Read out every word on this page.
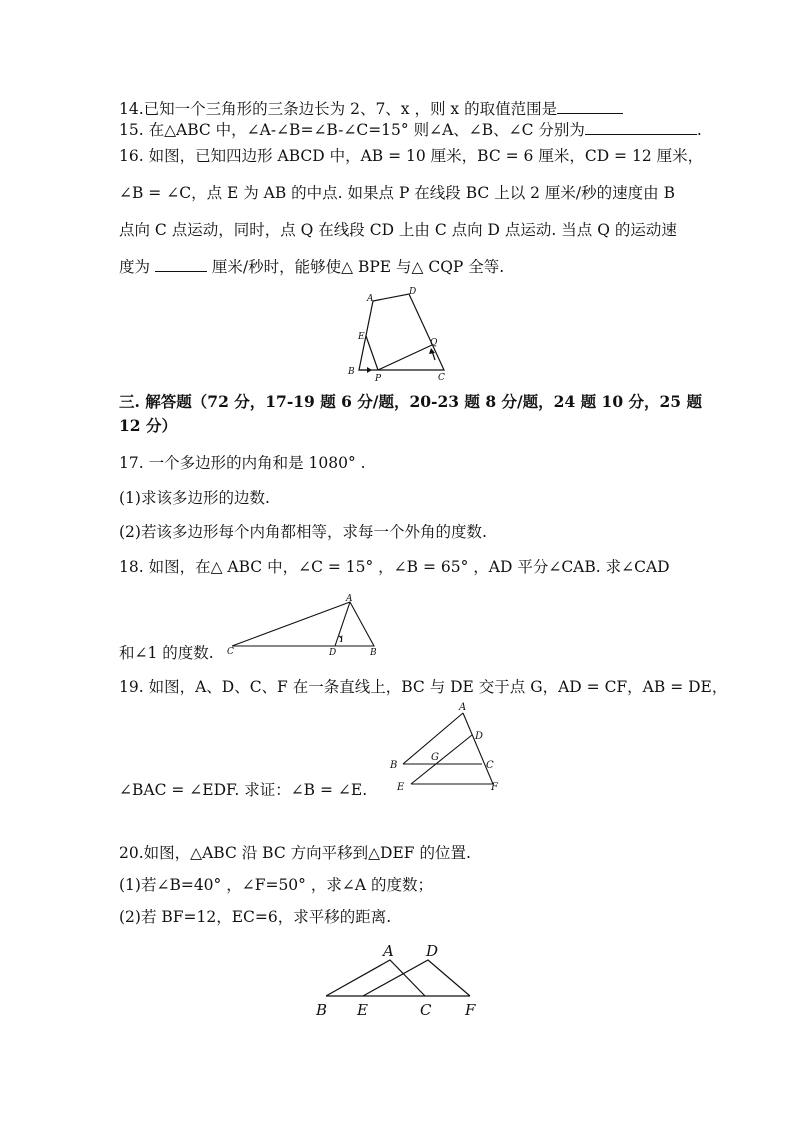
14.已知一个三角形的三条边长为 2、7、x ，则 x 的取值范围是
15. 在△ABC 中，∠A-∠B=∠B-∠C=15° 则∠A、∠B、∠C 分别为	.
16. 如图，已知四边形 ABCD 中，AB = 10 厘米，BC = 6 厘米，CD = 12 厘米，
∠B = ∠C，点 E 为 AB 的中点. 如果点 P 在线段 BC 上以 2 厘米/秒的速度由 B
点向 C 点运动，同时，点 Q 在线段 CD 上由 C 点向 D 点运动. 当点 Q 的运动速
度为	厘米/秒时，能够使△ BPE 与△ CQP 全等.
A
D
E
Q
B
P	C
三. 解答题（72 分，17-19 题 6 分/题，20-23 题 8 分/题，24 题 10 分，25 题
12 分）
17. 一个多边形的内角和是 1080° .
(1)求该多边形的边数.
(2)若该多边形每个内角都相等，求每一个外角的度数.
18. 如图，在△ ABC 中，∠C = 15° ，∠B = 65° ，AD 平分∠CAB. 求∠CAD
和∠1 的度数.
A
C	D	B
1
19. 如图，A、D、C、F 在一条直线上，BC 与 DE 交于点 G，AD = CF，AB = DE，
∠BAC = ∠EDF. 求证：∠B = ∠E.
A
D
G
B	C
E	F
20.如图，△ABC 沿 BC 方向平移到△DEF 的位置.
(1)若∠B=40° ，∠F=50° ，求∠A 的度数；
(2)若 BF=12，EC=6，求平移的距离.
A D
B E	C F
